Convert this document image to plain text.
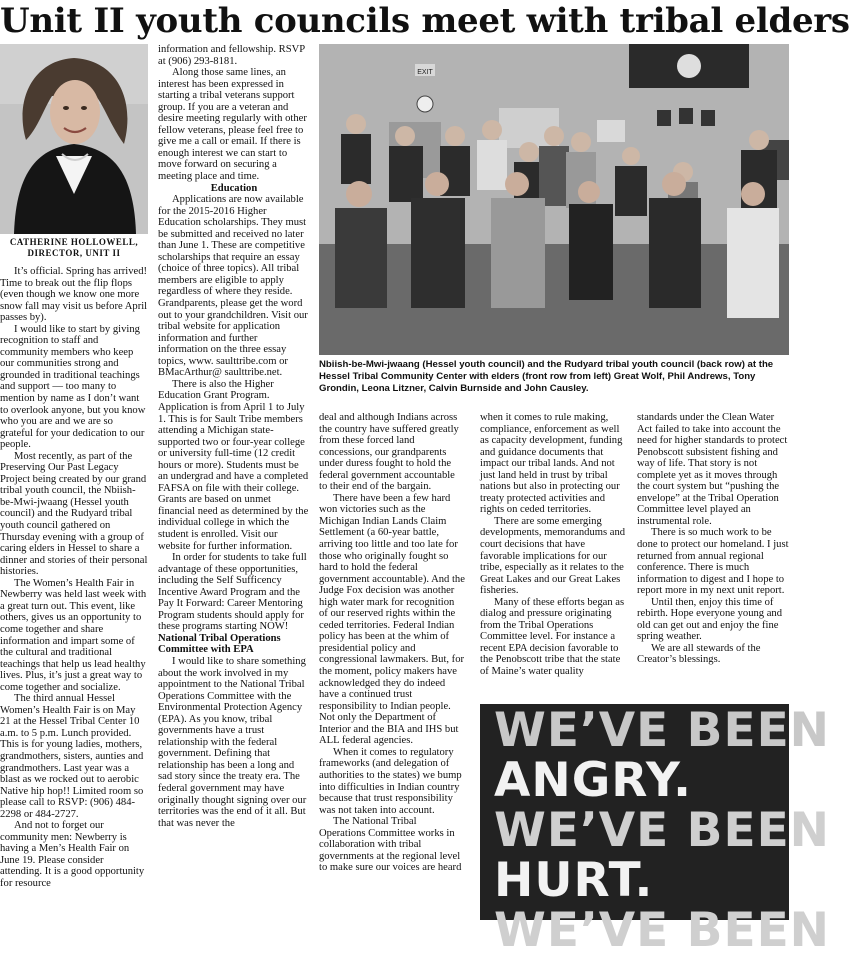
Unit II youth councils meet with tribal elders
CATHERINE HOLLOWELL,
DIRECTOR, UNIT II

It’s official. Spring has arrived! Time to break out the flip flops (even though we know one more snow fall may visit us before April passes by).

I would like to start by giving recognition to staff and community members who keep our communities strong and grounded in traditional teachings and support — too many to mention by name as I don’t want to overlook anyone, but you know who you are and we are so grateful for your dedication to our people.

Most recently, as part of the Preserving Our Past Legacy Project being created by our grand tribal youth council, the Nbiish-be-Mwi-jwaang (Hessel youth council) and the Rudyard tribal youth council gathered on Thursday evening with a group of caring elders in Hessel to share a dinner and stories of their personal histories.

The Women’s Health Fair in Newberry was held last week with a great turn out. This event, like others, gives us an opportunity to come together and share information and impart some of the cultural and traditional teachings that help us lead healthy lives. Plus, it’s just a great way to come together and socialize.

The third annual Hessel Women’s Health Fair is on May 21 at the Hessel Tribal Center 10 a.m. to 5 p.m. Lunch provided. This is for young ladies, mothers, grandmothers, sisters, aunties and grandmothers. Last year was a blast as we rocked out to aerobic Native hip hop!! Limited room so please call to RSVP: (906) 484-2298 or 484-2727.

And not to forget our community men: Newberry is having a Men’s Health Fair on June 19. Please consider attending. It is a good opportunity for resource

information and fellowship. RSVP at (906) 293-8181.

Along those same lines, an interest has been expressed in starting a tribal veterans support group. If you are a veteran and desire meeting regularly with other fellow veterans, please feel free to give me a call or email. If there is enough interest we can start to move forward on securing a meeting place and time.

Education

Applications are now available for the 2015-2016 Higher Education scholarships. They must be submitted and received no later than June 1. These are competitive scholarships that require an essay (choice of three topics). All tribal members are eligible to apply regardless of where they reside. Grandparents, please get the word out to your grandchildren. Visit our tribal website for application information and further information on the three essay topics, www. saulttribe.com or BMacArthur@ saulttribe.net.

There is also the Higher Education Grant Program. Application is from April 1 to July 1. This is for Sault Tribe members attending a Michigan state-supported two or four-year college or university full-time (12 credit hours or more). Students must be an undergrad and have a completed FAFSA on file with their college. Grants are based on unmet financial need as determined by the individual college in which the student is enrolled. Visit our website for further information.

In order for students to take full advantage of these opportunities, including the Self Sufficency Incentive Award Program and the Pay It Forward: Career Mentoring Program students should apply for these programs starting NOW!

National Tribal Operations Committee with EPA

I would like to share something about the work involved in my appointment to the National Tribal Operations Committee with the Environmental Protection Agency (EPA). As you know, tribal governments have a trust relationship with the federal government. Defining that relationship has been a long and sad story since the treaty era. The federal government may have originally thought signing over our territories was the end of it all. But that was never the

EXIT
Nbiish-be-Mwi-jwaang (Hessel youth council) and the Rudyard tribal youth council (back row) at the Hessel Tribal Community Center with elders (front row from left) Great Wolf, Phil Andrews, Tony Grondin, Leona Litzner, Calvin Burnside and John Causley.

deal and although Indians across the country have suffered greatly from these forced land concessions, our grandparents under duress fought to hold the federal government accountable to their end of the bargain.

There have been a few hard won victories such as the Michigan Indian Lands Claim Settlement (a 60-year battle, arriving too little and too late for those who originally fought so hard to hold the federal government accountable). And the Judge Fox decision was another high water mark for recognition of our reserved rights within the ceded territories. Federal Indian policy has been at the whim of presidential policy and congressional lawmakers. But, for the moment, policy makers have acknowledged they do indeed have a continued trust responsibility to Indian people. Not only the Department of Interior and the BIA and IHS but ALL federal agencies.

When it comes to regulatory frameworks (and delegation of authorities to the states) we bump into difficulties in Indian country because that trust responsibility was not taken into account.

The National Tribal Operations Committee works in collaboration with tribal governments at the regional level to make sure our voices are heard

when it comes to rule making, compliance, enforcement as well as capacity development, funding and guidance documents that impact our tribal lands. And not just land held in trust by tribal nations but also in protecting our treaty protected activities and rights on ceded territories.

There are some emerging developments, memorandums and court decisions that have favorable implications for our tribe, especially as it relates to the Great Lakes and our Great Lakes fisheries.

Many of these efforts began as dialog and pressure originating from the Tribal Operations Committee level. For instance a recent EPA decision favorable to the Penobscott tribe that the state of Maine’s water quality

standards under the Clean Water Act failed to take into account the need for higher standards to protect Penobscott subsistent fishing and way of life. That story is not complete yet as it moves through the court system but “pushing the envelope” at the Tribal Operation Committee level played an instrumental role.

There is so much work to be done to protect our homeland. I just returned from annual regional conference. There is much information to digest and I hope to report more in my next unit report.

Until then, enjoy this time of rebirth. Hope everyone young and old can get out and enjoy the fine spring weather.

We are all stewards of the Creator’s blessings.

WE’VE BEEN
ANGRY.
WE’VE BEEN
HURT.
WE’VE BEEN
